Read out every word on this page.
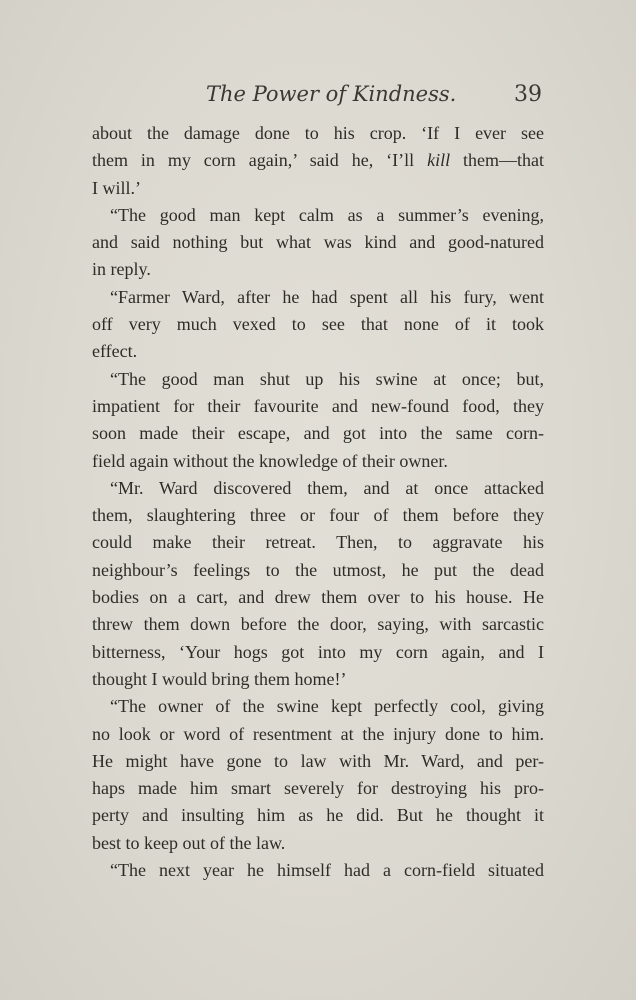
The Power of Kindness.	39
about the damage done to his crop. ‘If I ever see
them in my corn again,’ said he, ‘I’ll kill them—that
I will.’
“The good man kept calm as a summer’s evening,
and said nothing but what was kind and good-natured
in reply.
“Farmer Ward, after he had spent all his fury, went
off very much vexed to see that none of it took
effect.
“The good man shut up his swine at once; but,
impatient for their favourite and new-found food, they
soon made their escape, and got into the same corn-
field again without the knowledge of their owner.
“Mr. Ward discovered them, and at once attacked
them, slaughtering three or four of them before they
could make their retreat. Then, to aggravate his
neighbour’s feelings to the utmost, he put the dead
bodies on a cart, and drew them over to his house. He
threw them down before the door, saying, with sarcastic
bitterness, ‘Your hogs got into my corn again, and I
thought I would bring them home!’
“The owner of the swine kept perfectly cool, giving
no look or word of resentment at the injury done to him.
He might have gone to law with Mr. Ward, and per-
haps made him smart severely for destroying his pro-
perty and insulting him as he did. But he thought it
best to keep out of the law.
“The next year he himself had a corn-field situated
